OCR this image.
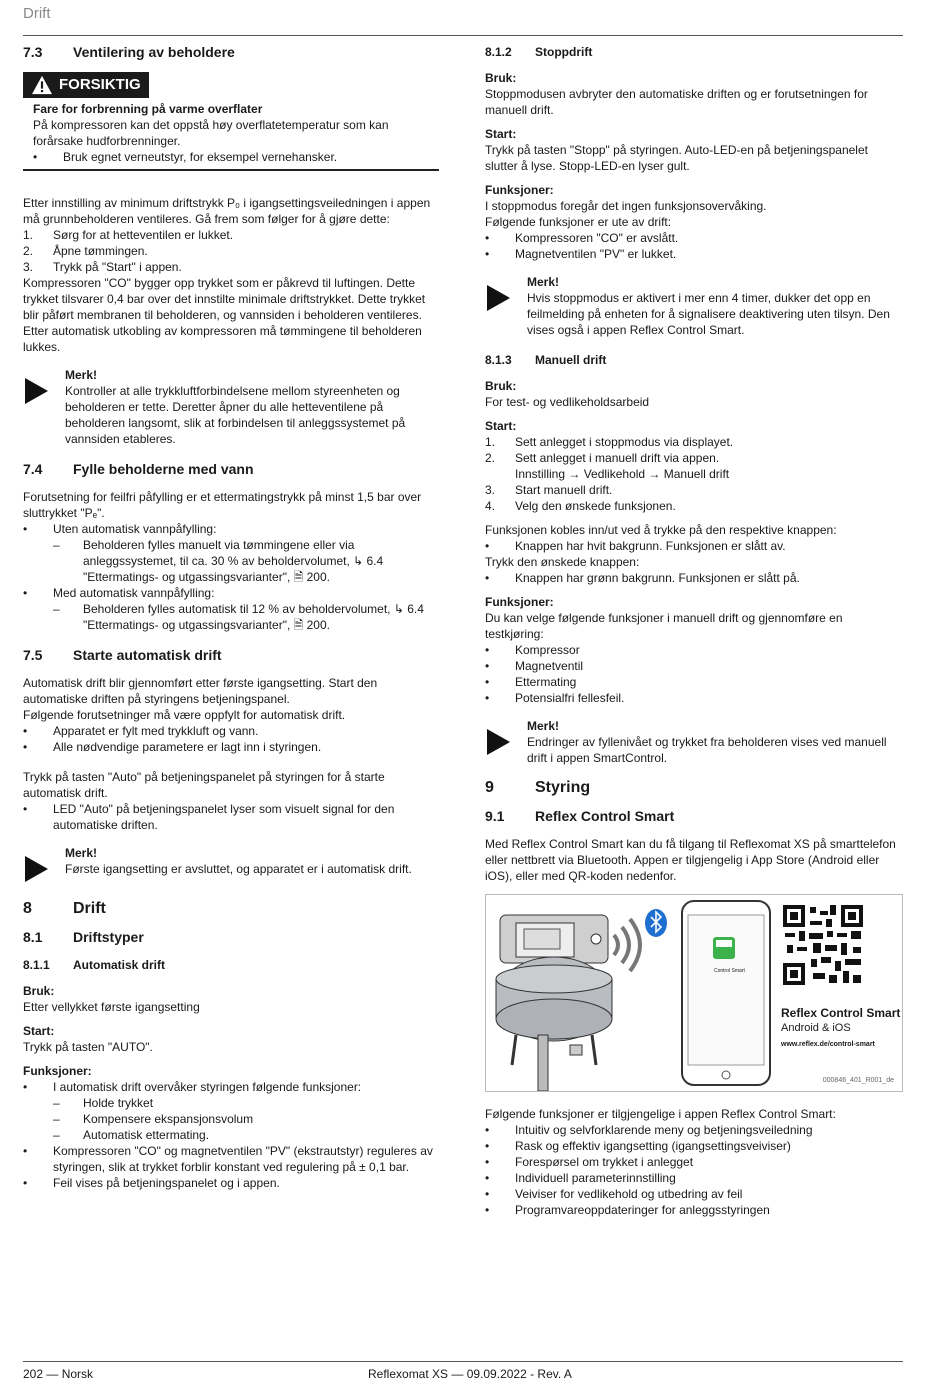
Drift
202 — Norsk	Reflexomat XS — 09.09.2022 - Rev. A
7.3	Ventilering av beholdere
FORSIKTIG

Fare for forbrenning på varme overflater

På kompressoren kan det oppstå høy overflatetemperatur som kan forårsake hudforbrenninger.

•	Bruk egnet verneutstyr, for eksempel vernehansker.

Etter innstilling av minimum driftstrykk P₀ i igangsettingsveiledningen i appen må grunnbeholderen ventileres. Gå frem som følger for å gjøre dette:

1.	Sørg for at hetteventilen er lukket.
2.	Åpne tømmingen.
3.	Trykk på "Start" i appen.

Kompressoren "CO" bygger opp trykket som er påkrevd til luftingen. Dette trykket tilsvarer 0,4 bar over det innstilte minimale driftstrykket. Dette trykket blir påført membranen til beholderen, og vannsiden i beholderen ventileres. Etter automatisk utkobling av kompressoren må tømmingene til beholderen lukkes.

Merk!

Kontroller at alle trykkluftforbindelsene mellom styreenheten og beholderen er tette. Deretter åpner du alle hetteventilene på beholderen langsomt, slik at forbindelsen til anleggssystemet på vannsiden etableres.

7.4	Fylle beholderne med vann

Forutsetning for feilfri påfylling er et ettermatingstrykk på minst 1,5 bar over sluttrykket "Pₑ".

•	Uten automatisk vannpåfylling:
–	Beholderen fylles manuelt via tømmingene eller via anleggssystemet, til ca. 30 % av beholdervolumet, ↳ 6.4 "Ettermatings- og utgassingsvarianter", 🗎 200.
•	Med automatisk vannpåfylling:
–	Beholderen fylles automatisk til 12 % av beholdervolumet, ↳ 6.4 "Ettermatings- og utgassingsvarianter", 🗎 200.
7.5	Starte automatisk drift

Automatisk drift blir gjennomført etter første igangsetting. Start den automatiske driften på styringens betjeningspanel.

Følgende forutsetninger må være oppfylt for automatisk drift.

•	Apparatet er fylt med trykkluft og vann.
•	Alle nødvendige parametere er lagt inn i styringen.

Trykk på tasten "Auto" på betjeningspanelet på styringen for å starte automatisk drift.

•	LED "Auto" på betjeningspanelet lyser som visuelt signal for den automatiske driften.

Merk!

Første igangsetting er avsluttet, og apparatet er i automatisk drift.

8	Drift
8.1	Driftstyper
8.1.1	Automatisk drift

Bruk:

Etter vellykket første igangsetting

Start:

Trykk på tasten "AUTO".

Funksjoner:

•	I automatisk drift overvåker styringen følgende funksjoner:
–	Holde trykket
–	Kompensere ekspansjonsvolum
–	Automatisk ettermating.
•	Kompressoren "CO" og magnetventilen "PV" (ekstrautstyr) reguleres av styringen, slik at trykket forblir konstant ved regulering på ± 0,1 bar.
•	Feil vises på betjeningspanelet og i appen.
8.1.2	Stoppdrift

Bruk:

Stoppmodusen avbryter den automatiske driften og er forutsetningen for manuell drift.

Start:

Trykk på tasten "Stopp" på styringen. Auto-LED-en på betjeningspanelet slutter å lyse. Stopp-LED-en lyser gult.

Funksjoner:

I stoppmodus foregår det ingen funksjonsovervåking.

Følgende funksjoner er ute av drift:

•	Kompressoren "CO" er avslått.
•	Magnetventilen "PV" er lukket.

Merk!

Hvis stoppmodus er aktivert i mer enn 4 timer, dukker det opp en feilmelding på enheten for å signalisere deaktivering uten tilsyn. Den vises også i appen Reflex Control Smart.

8.1.3	Manuell drift

Bruk:

For test- og vedlikeholdsarbeid

Start:

1.	Sett anlegget i stoppmodus via displayet.
2.	Sett anlegget i manuell drift via appen.
Innstilling → Vedlikehold → Manuell drift
3.	Start manuell drift.
4.	Velg den ønskede funksjonen.

Funksjonen kobles inn/ut ved å trykke på den respektive knappen:

•	Knappen har hvit bakgrunn. Funksjonen er slått av.

Trykk den ønskede knappen:

•	Knappen har grønn bakgrunn. Funksjonen er slått på.

Funksjoner:

Du kan velge følgende funksjoner i manuell drift og gjennomføre en testkjøring:

•	Kompressor
•	Magnetventil
•	Ettermating
•	Potensialfri fellesfeil.

Merk!

Endringer av fyllenivået og trykket fra beholderen vises ved manuell drift i appen SmartControl.

9	Styring
9.1	Reflex Control Smart

Med Reflex Control Smart kan du få tilgang til Reflexomat XS på smarttelefon eller nettbrett via Bluetooth. Appen er tilgjengelig i App Store (Android eller iOS), eller med QR-koden nedenfor.

Reflex Control Smart
Android & iOS
www.reflex.de/control-smart
000846_401_R001_de
Control Smart

Følgende funksjoner er tilgjengelige i appen Reflex Control Smart:

•	Intuitiv og selvforklarende meny og betjeningsveiledning
•	Rask og effektiv igangsetting (igangsettingsveiviser)
•	Forespørsel om trykket i anlegget
•	Individuell parameterinnstilling
•	Veiviser for vedlikehold og utbedring av feil
•	Programvareoppdateringer for anleggsstyringen
